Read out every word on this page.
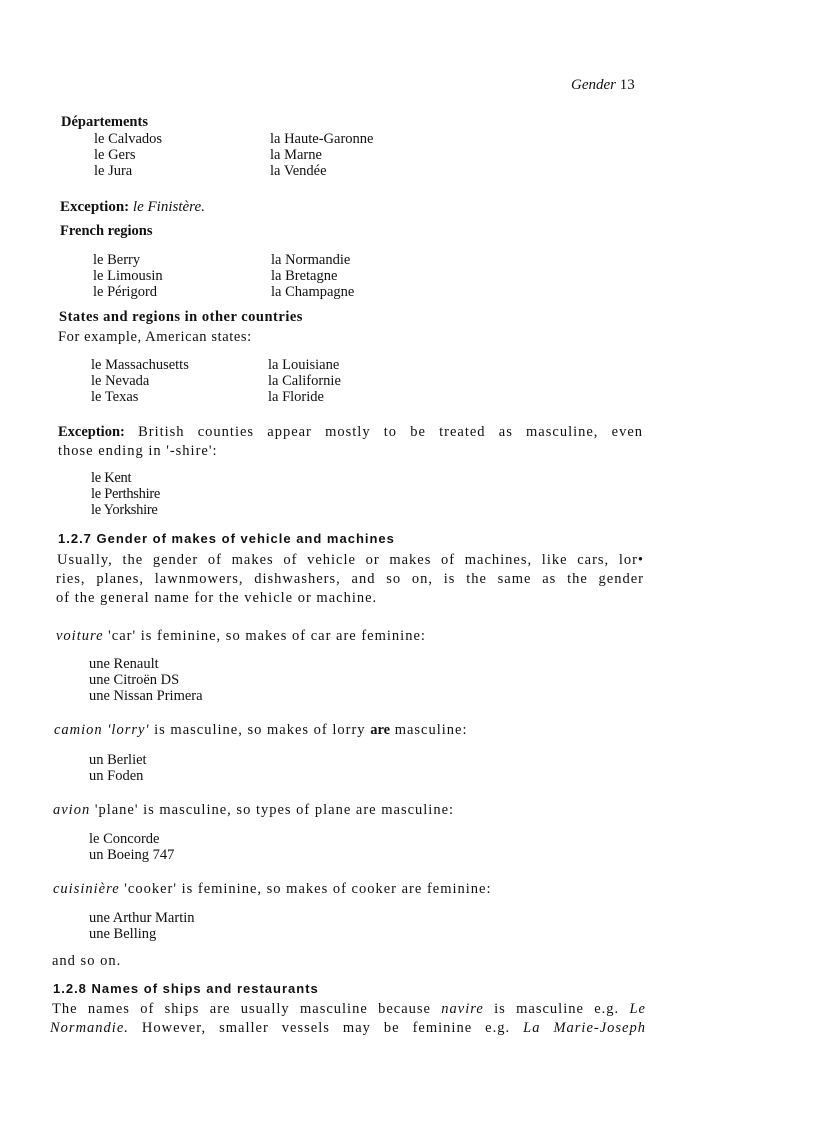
Gender 13
Départements
le Calvados
le Gers
le Jura
la Haute-Garonne
la Marne
la Vendée
Exception: le Finistère.
French regions
le Berry
le Limousin
le Périgord
la Normandie
la Bretagne
la Champagne
States and regions in other countries
For example, American states:
le Massachusetts
le Nevada
le Texas
la Louisiane
la Californie
la Floride
Exception: British counties appear mostly to be treated as masculine, even
those ending in '-shire':
le Kent
le Perthshire
le Yorkshire
1.2.7 Gender of makes of vehicle and machines
Usually, the gender of makes of vehicle or makes of machines, like cars, lor•
ries, planes, lawnmowers, dishwashers, and so on, is the same as the gender
of the general name for the vehicle or machine.
voiture 'car' is feminine, so makes of car are feminine:
une Renault
une Citroën DS
une Nissan Primera
camion 'lorry' is masculine, so makes of lorry are masculine:
un Berliet
un Foden
avion 'plane' is masculine, so types of plane are masculine:
le Concorde
un Boeing 747
cuisinière 'cooker' is feminine, so makes of cooker are feminine:
une Arthur Martin
une Belling
and so on.
1.2.8 Names of ships and restaurants
The names of ships are usually masculine because navire is masculine e.g. Le
Normandie. However, smaller vessels may be feminine e.g. La Marie-Joseph
